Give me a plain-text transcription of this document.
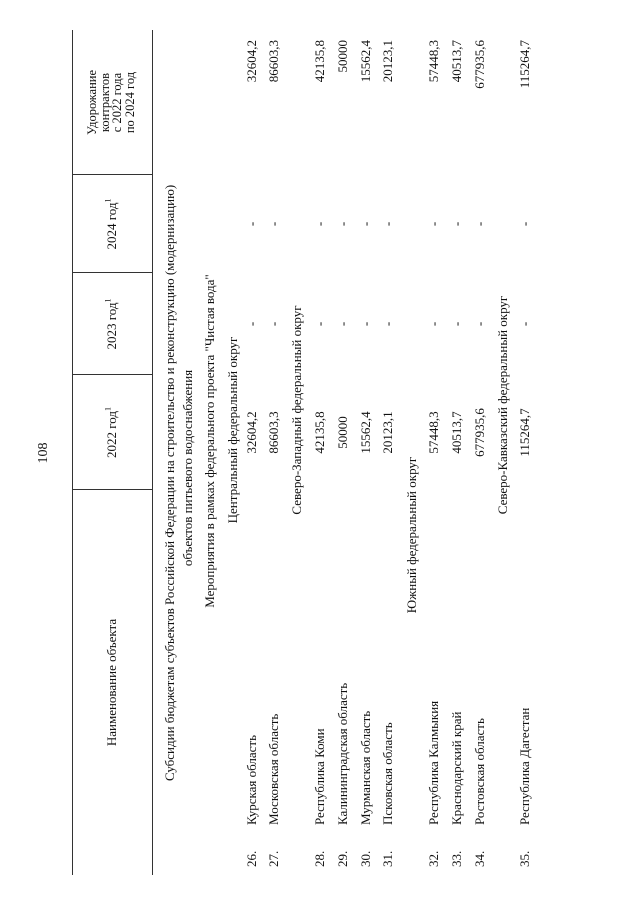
108
Наименование объекта
2022 год$^1$
2023 год$^1$
2024 год$^1$
Удорожание
контрактов
с 2022 года
по 2024 год
Субсидии бюджетам субъектов Российской Федерации на строительство и реконструкцию (модернизацию) объектов питьевого водоснабжения Мероприятия в рамках федерального проекта "Чистая вода" Центральный федеральный округ
26.
Курская область
32604,2
-
-
32604,2
27.
Московская область
86603,3
-
-
86603,3
Северо-Западный федеральный округ
28.
Республика Коми
42135,8
-
-
42135,8
29.
Калининградская область
50000
-
-
50000
30.
Мурманская область
15562,4
-
-
15562,4
31.
Псковская область
20123,1
-
-
20123,1
Южный федеральный округ
32.
Республика Калмыкия
57448,3
-
-
57448,3
33.
Краснодарский край
40513,7
-
-
40513,7
34.
Ростовская область
677935,6
-
-
677935,6
Северо-Кавказский федеральный округ
35.
Республика Дагестан
115264,7
-
-
115264,7
